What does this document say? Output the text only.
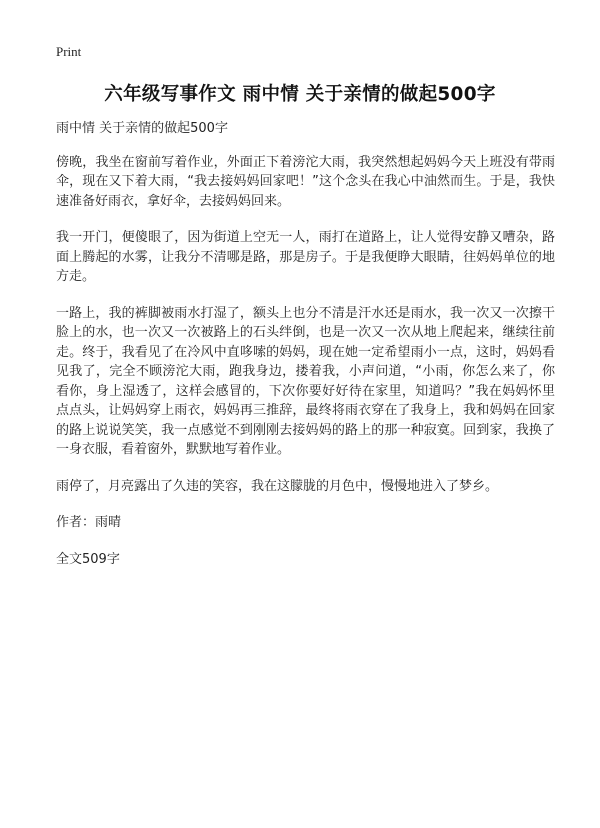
Print
六年级写事作文 雨中情 关于亲情的做起500字

雨中情 关于亲情的做起500字

傍晚，我坐在窗前写着作业，外面正下着滂沱大雨，我突然想起妈妈今天上班没有带雨伞，现在又下着大雨，“我去接妈妈回家吧！”这个念头在我心中油然而生。于是，我快速准备好雨衣，拿好伞，去接妈妈回来。

我一开门，便傻眼了，因为街道上空无一人，雨打在道路上，让人觉得安静又嘈杂，路面上腾起的水雾，让我分不清哪是路，那是房子。于是我便睁大眼睛，往妈妈单位的地方走。

一路上，我的裤脚被雨水打湿了，额头上也分不清是汗水还是雨水，我一次又一次擦干脸上的水，也一次又一次被路上的石头绊倒，也是一次又一次从地上爬起来，继续往前走。终于，我看见了在冷风中直哆嗦的妈妈，现在她一定希望雨小一点，这时，妈妈看见我了，完全不顾滂沱大雨，跑我身边，搂着我，小声问道，“小雨，你怎么来了，你看你，身上湿透了，这样会感冒的，下次你要好好待在家里，知道吗？”我在妈妈怀里点点头，让妈妈穿上雨衣，妈妈再三推辞，最终将雨衣穿在了我身上，我和妈妈在回家的路上说说笑笑，我一点感觉不到刚刚去接妈妈的路上的那一种寂寞。回到家，我换了一身衣服，看着窗外，默默地写着作业。

雨停了，月亮露出了久违的笑容，我在这朦胧的月色中，慢慢地进入了梦乡。

作者：雨晴

全文509字
